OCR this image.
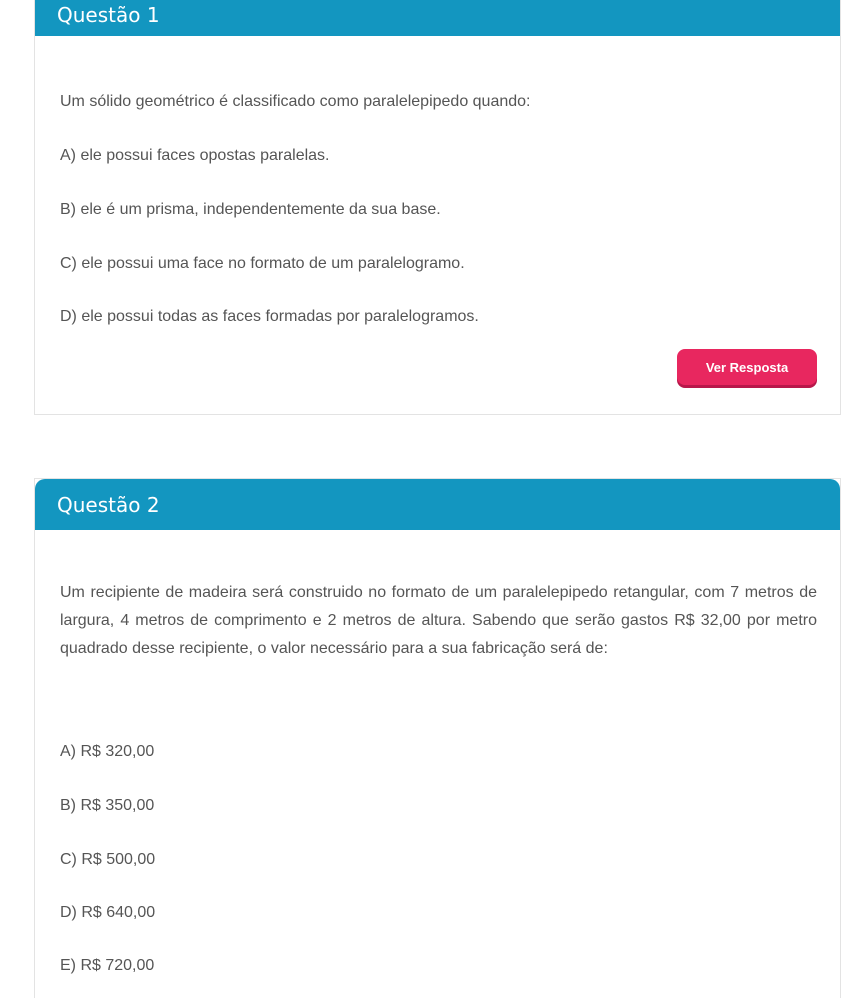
Questão 1
Um sólido geométrico é classificado como paralelepipedo quando:
A) ele possui faces opostas paralelas.
B) ele é um prisma, independentemente da sua base.
C) ele possui uma face no formato de um paralelogramo.
D) ele possui todas as faces formadas por paralelogramos.
Ver Resposta
Questão 2
Um recipiente de madeira será construido no formato de um paralelepipedo retangular, com 7 metros de largura, 4 metros de comprimento e 2 metros de altura. Sabendo que serão gastos R$ 32,00 por metro quadrado desse recipiente, o valor necessário para a sua fabricação será de:
A) R$ 320,00
B) R$ 350,00
C) R$ 500,00
D) R$ 640,00
E) R$ 720,00
